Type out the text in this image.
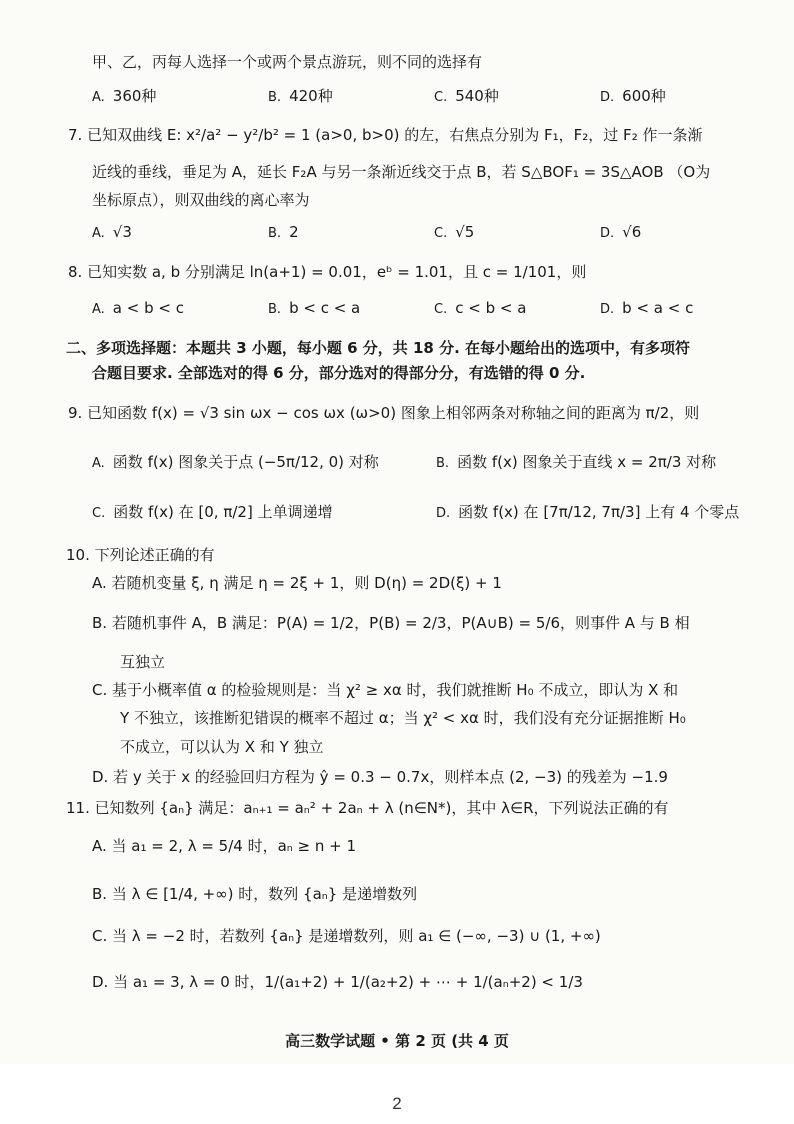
甲、乙，丙每人选择一个或两个景点游玩，则不同的选择有
A. 360种	B. 420种	C. 540种	D. 600种
7. 已知双曲线 E: x²/a² − y²/b² = 1 (a>0, b>0) 的左，右焦点分别为 F₁，F₂，过 F₂ 作一条渐
近线的垂线，垂足为 A，延长 F₂A 与另一条渐近线交于点 B，若 S△BOF₁ = 3S△AOB （O为
坐标原点），则双曲线的离心率为
A. √3	B. 2	C. √5	D. √6
8. 已知实数 a, b 分别满足 ln(a+1) = 0.01，eᵇ = 1.01，且 c = 1/101，则
A. a < b < c	B. b < c < a	C. c < b < a	D. b < a < c
二、多项选择题：本题共 3 小题，每小题 6 分，共 18 分. 在每小题给出的选项中，有多项符
合题目要求. 全部选对的得 6 分，部分选对的得部分分，有选错的得 0 分.
9. 已知函数 f(x) = √3 sin ωx − cos ωx (ω>0) 图象上相邻两条对称轴之间的距离为 π/2，则
A. 函数 f(x) 图象关于点 (−5π/12, 0) 对称	B. 函数 f(x) 图象关于直线 x = 2π/3 对称
C. 函数 f(x) 在 [0, π/2] 上单调递增	D. 函数 f(x) 在 [7π/12, 7π/3] 上有 4 个零点
10. 下列论述正确的有
A. 若随机变量 ξ, η 满足 η = 2ξ + 1，则 D(η) = 2D(ξ) + 1
B. 若随机事件 A，B 满足：P(A) = 1/2，P(B) = 2/3，P(A∪B) = 5/6，则事件 A 与 B 相
互独立
C. 基于小概率值 α 的检验规则是：当 χ² ≥ xα 时，我们就推断 H₀ 不成立，即认为 X 和
Y 不独立，该推断犯错误的概率不超过 α；当 χ² < xα 时，我们没有充分证据推断 H₀
不成立，可以认为 X 和 Y 独立
D. 若 y 关于 x 的经验回归方程为 ŷ = 0.3 − 0.7x，则样本点 (2, −3) 的残差为 −1.9
11. 已知数列 {aₙ} 满足：aₙ₊₁ = aₙ² + 2aₙ + λ (n∈N*)，其中 λ∈R，下列说法正确的有
A. 当 a₁ = 2, λ = 5/4 时，aₙ ≥ n + 1
B. 当 λ ∈ [1/4, +∞) 时，数列 {aₙ} 是递增数列
C. 当 λ = −2 时，若数列 {aₙ} 是递增数列，则 a₁ ∈ (−∞, −3) ∪ (1, +∞)
D. 当 a₁ = 3, λ = 0 时，1/(a₁+2) + 1/(a₂+2) + ⋯ + 1/(aₙ+2) < 1/3
高三数学试题 • 第 2 页 (共 4 页
2
